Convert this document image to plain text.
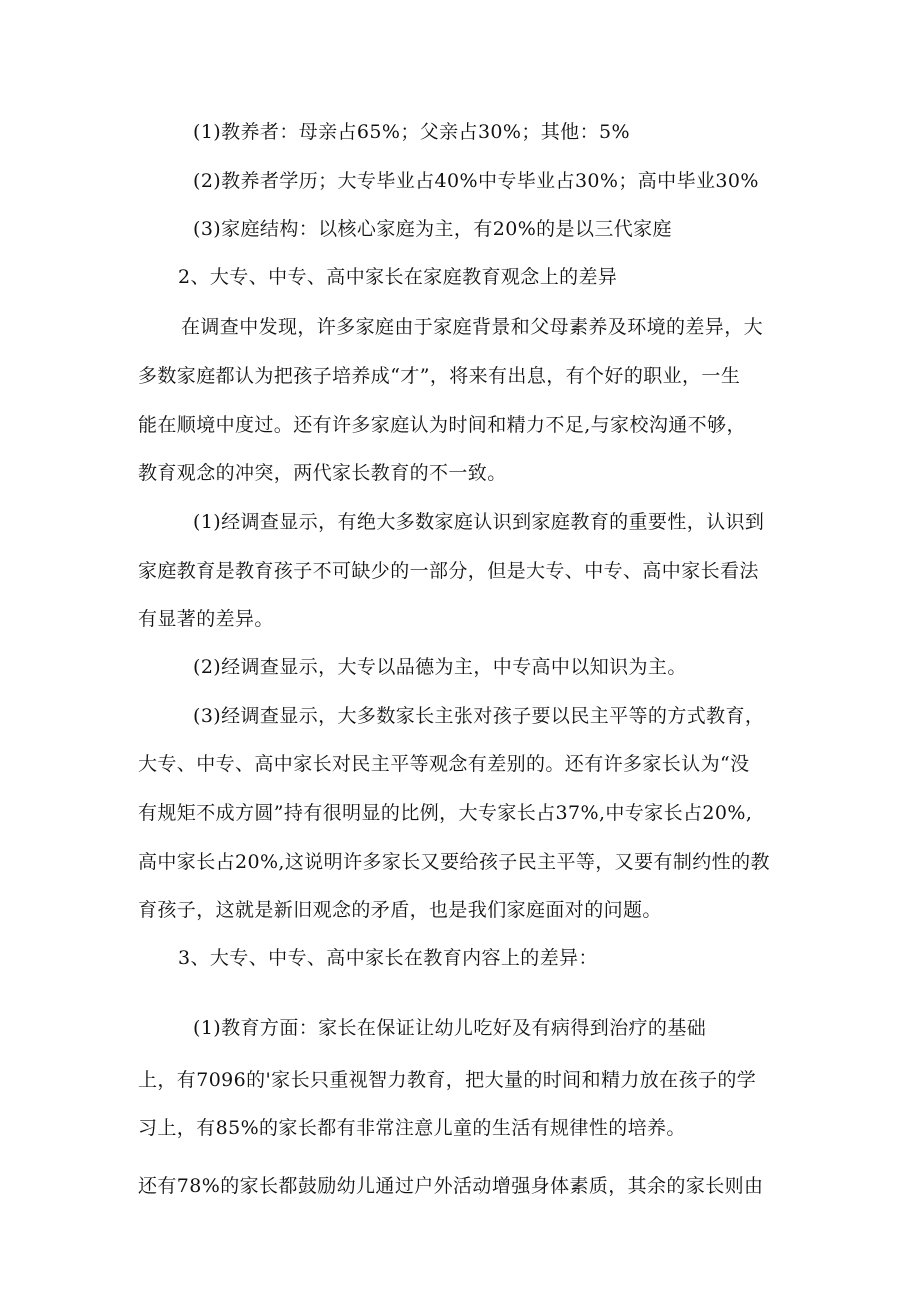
(1)教养者：母亲占65%；父亲占30%；其他：5%
(2)教养者学历；大专毕业占40%中专毕业占30%；高中毕业30%
(3)家庭结构：以核心家庭为主，有20%的是以三代家庭
2、大专、中专、高中家长在家庭教育观念上的差异
在调查中发现，许多家庭由于家庭背景和父母素养及环境的差异，大
多数家庭都认为把孩子培养成“才”，将来有出息，有个好的职业，一生
能在顺境中度过。还有许多家庭认为时间和精力不足,与家校沟通不够，
教育观念的冲突，两代家长教育的不一致。
(1)经调查显示，有绝大多数家庭认识到家庭教育的重要性，认识到
家庭教育是教育孩子不可缺少的一部分，但是大专、中专、高中家长看法
有显著的差异。
(2)经调查显示，大专以品德为主，中专高中以知识为主。
(3)经调查显示，大多数家长主张对孩子要以民主平等的方式教育，
大专、中专、高中家长对民主平等观念有差别的。还有许多家长认为“没
有规矩不成方圆”持有很明显的比例，大专家长占37%,中专家长占20%,
高中家长占20%,这说明许多家长又要给孩子民主平等，又要有制约性的教
育孩子，这就是新旧观念的矛盾，也是我们家庭面对的问题。
3、大专、中专、高中家长在教育内容上的差异：
(1)教育方面：家长在保证让幼儿吃好及有病得到治疗的基础
上，有7096的'家长只重视智力教育，把大量的时间和精力放在孩子的学
习上，有85%的家长都有非常注意儿童的生活有规律性的培养。
还有78%的家长都鼓励幼儿通过户外活动增强身体素质，其余的家长则由
